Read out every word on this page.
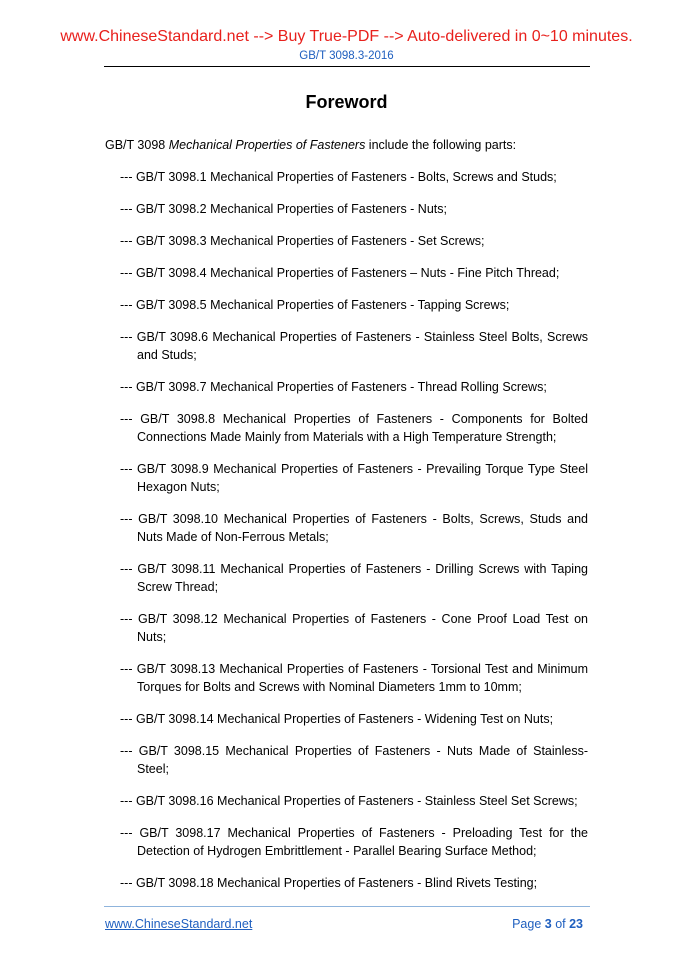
www.ChineseStandard.net --> Buy True-PDF --> Auto-delivered in 0~10 minutes.
GB/T 3098.3-2016
Foreword
GB/T 3098 Mechanical Properties of Fasteners include the following parts:
--- GB/T 3098.1 Mechanical Properties of Fasteners - Bolts, Screws and Studs;
--- GB/T 3098.2 Mechanical Properties of Fasteners - Nuts;
--- GB/T 3098.3 Mechanical Properties of Fasteners - Set Screws;
--- GB/T 3098.4 Mechanical Properties of Fasteners – Nuts - Fine Pitch Thread;
--- GB/T 3098.5 Mechanical Properties of Fasteners - Tapping Screws;
--- GB/T 3098.6 Mechanical Properties of Fasteners - Stainless Steel Bolts, Screws and Studs;
--- GB/T 3098.7 Mechanical Properties of Fasteners - Thread Rolling Screws;
--- GB/T 3098.8 Mechanical Properties of Fasteners - Components for Bolted Connections Made Mainly from Materials with a High Temperature Strength;
--- GB/T 3098.9 Mechanical Properties of Fasteners - Prevailing Torque Type Steel Hexagon Nuts;
--- GB/T 3098.10 Mechanical Properties of Fasteners - Bolts, Screws, Studs and Nuts Made of Non-Ferrous Metals;
--- GB/T 3098.11 Mechanical Properties of Fasteners - Drilling Screws with Taping Screw Thread;
--- GB/T 3098.12 Mechanical Properties of Fasteners - Cone Proof Load Test on Nuts;
--- GB/T 3098.13 Mechanical Properties of Fasteners - Torsional Test and Minimum Torques for Bolts and Screws with Nominal Diameters 1mm to 10mm;
--- GB/T 3098.14 Mechanical Properties of Fasteners - Widening Test on Nuts;
--- GB/T 3098.15 Mechanical Properties of Fasteners - Nuts Made of Stainless-Steel;
--- GB/T 3098.16 Mechanical Properties of Fasteners - Stainless Steel Set Screws;
--- GB/T 3098.17 Mechanical Properties of Fasteners - Preloading Test for the Detection of Hydrogen Embrittlement - Parallel Bearing Surface Method;
--- GB/T 3098.18 Mechanical Properties of Fasteners - Blind Rivets Testing;
www.ChineseStandard.net	Page 3 of 23
